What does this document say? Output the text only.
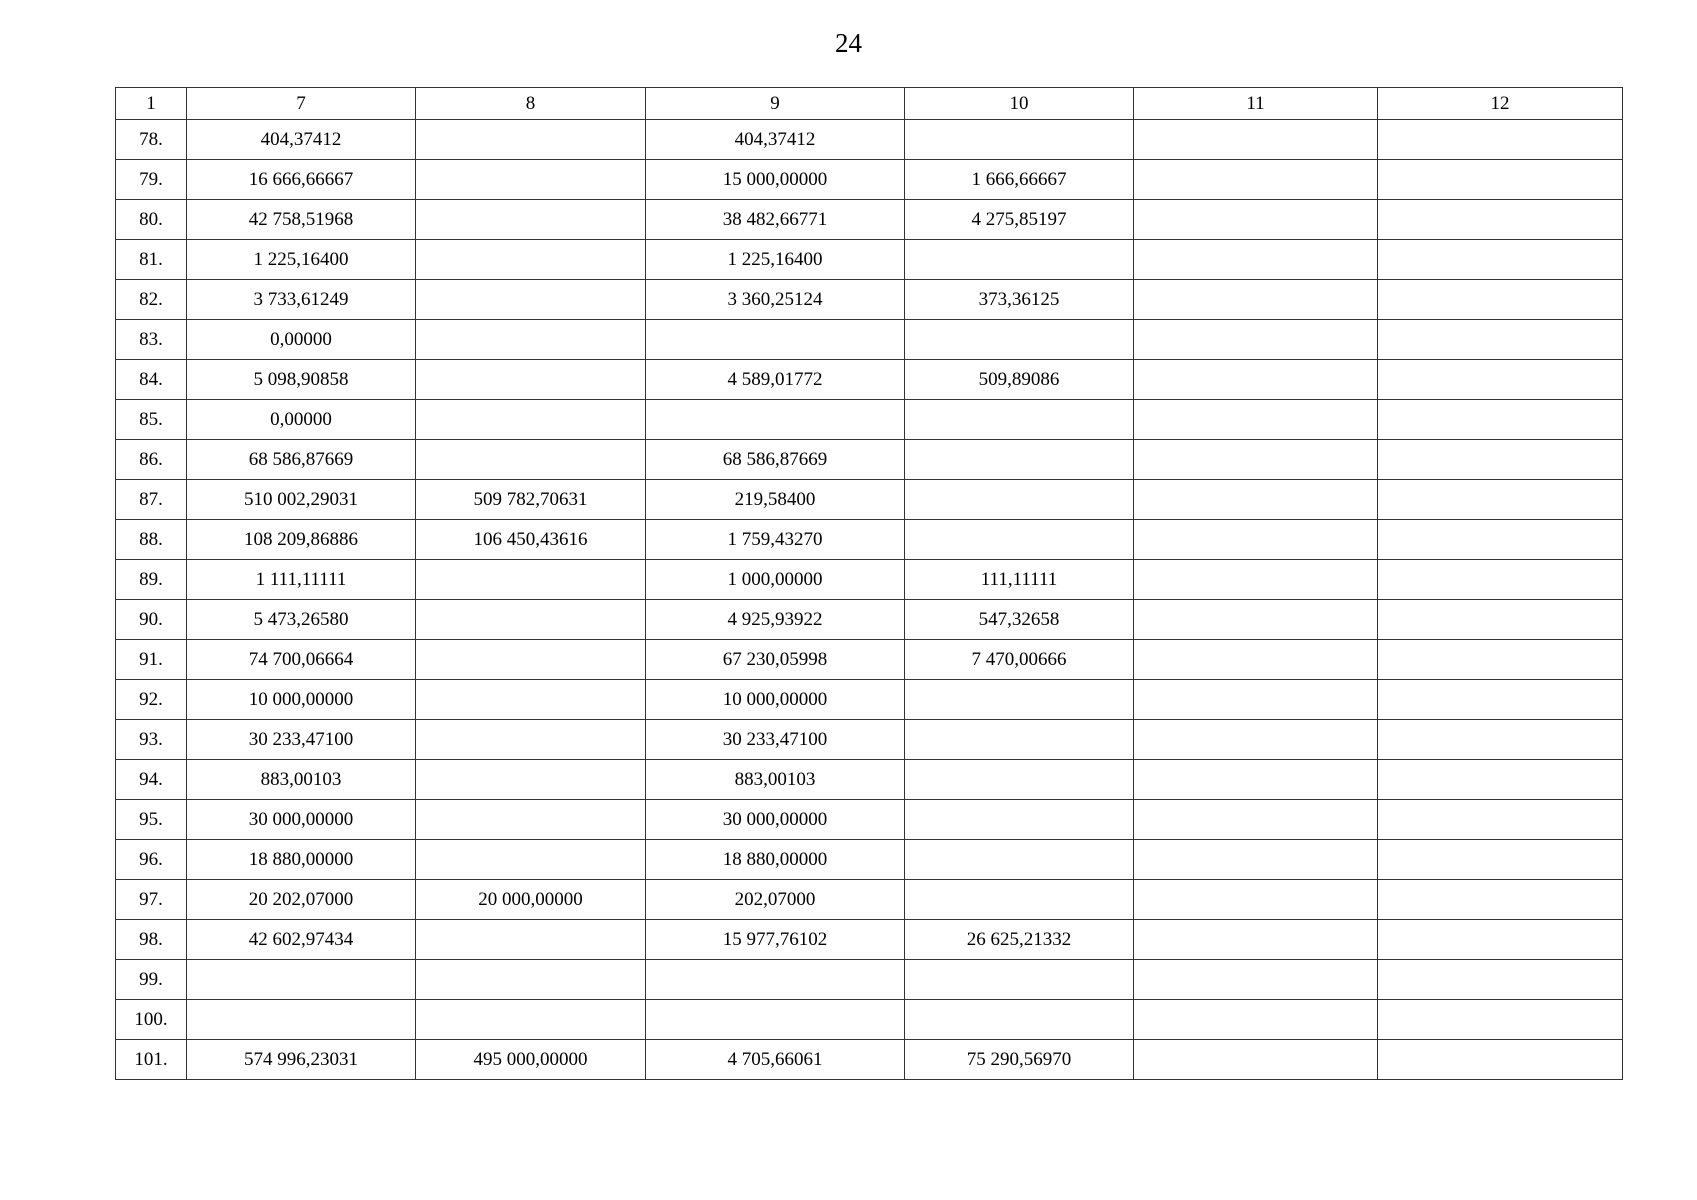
24
1	7	8	9	10	11	12
78.	404,37412		404,37412			
79.	16 666,66667		15 000,00000	1 666,66667		
80.	42 758,51968		38 482,66771	4 275,85197		
81.	1 225,16400		1 225,16400			
82.	3 733,61249		3 360,25124	373,36125		
83.	0,00000					
84.	5 098,90858		4 589,01772	509,89086		
85.	0,00000					
86.	68 586,87669		68 586,87669			
87.	510 002,29031	509 782,70631	219,58400			
88.	108 209,86886	106 450,43616	1 759,43270			
89.	1 111,11111		1 000,00000	111,11111		
90.	5 473,26580		4 925,93922	547,32658		
91.	74 700,06664		67 230,05998	7 470,00666		
92.	10 000,00000		10 000,00000			
93.	30 233,47100		30 233,47100			
94.	883,00103		883,00103			
95.	30 000,00000		30 000,00000			
96.	18 880,00000		18 880,00000			
97.	20 202,07000	20 000,00000	202,07000			
98.	42 602,97434		15 977,76102	26 625,21332		
99.						
100.						
101.	574 996,23031	495 000,00000	4 705,66061	75 290,56970		
